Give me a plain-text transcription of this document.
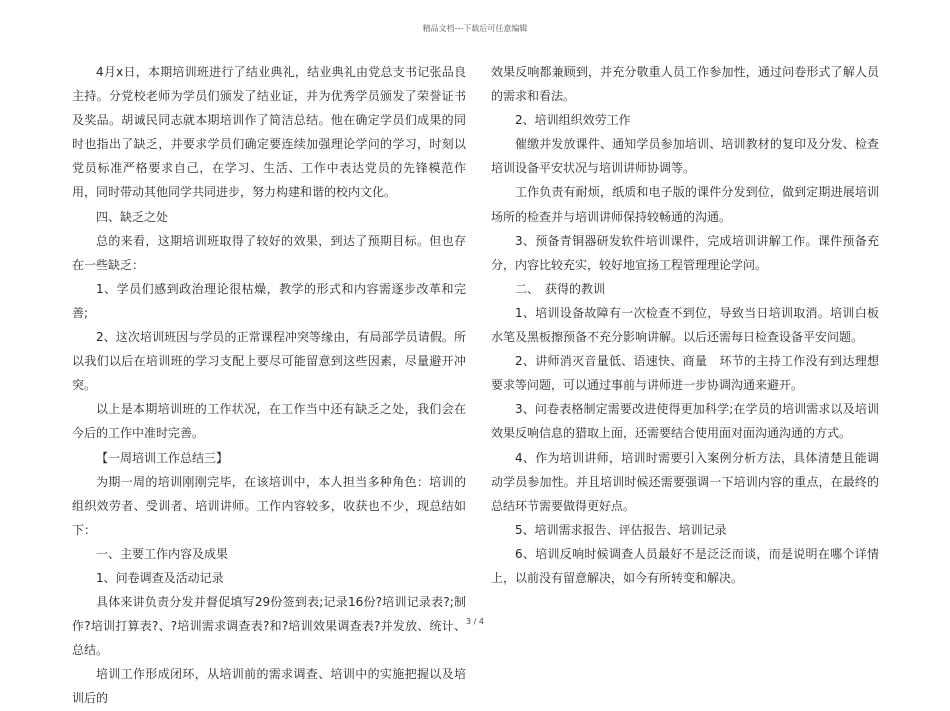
精品文档---下载后可任意编辑

4月x日，本期培训班进行了结业典礼，结业典礼由党总支书记张品良主持。分党校老师为学员们颁发了结业证，并为优秀学员颁发了荣誉证书及奖品。胡诚民同志就本期培训作了简洁总结。他在确定学员们成果的同时也指出了缺乏，并要求学员们确定要连续加强理论学问的学习，时刻以党员标准严格要求自己，在学习、生活、工作中表达党员的先锋模范作用，同时带动其他同学共同进步，努力构建和谐的校内文化。

四、缺乏之处

总的来看，这期培训班取得了较好的效果，到达了预期目标。但也存在一些缺乏：

1、学员们感到政治理论很枯燥，教学的形式和内容需逐步改革和完善;

2、这次培训班因与学员的正常课程冲突等缘由，有局部学员请假。所以我们以后在培训班的学习支配上要尽可能留意到这些因素，尽量避开冲突。

以上是本期培训班的工作状况，在工作当中还有缺乏之处，我们会在今后的工作中准时完善。

【一周培训工作总结三】

为期一周的培训刚刚完毕，在该培训中，本人担当多种角色：培训的组织效劳者、受训者、培训讲师。工作内容较多，收获也不少，现总结如下：

一、主要工作内容及成果

1、问卷调查及活动记录

具体来讲负责分发并督促填写29份签到表;记录16份?培训记录表?;制作?培训打算表?、?培训需求调查表?和?培训效果调查表?并发放、统计、总结。

培训工作形成闭环，从培训前的需求调查、培训中的实施把握以及培训后的

效果反响都兼顾到，并充分敬重人员工作参加性，通过问卷形式了解人员的需求和看法。

2、培训组织效劳工作

催缴并发放课件、通知学员参加培训、培训教材的复印及分发、检查培训设备平安状况与培训讲师协调等。

工作负责有耐烦，纸质和电子版的课件分发到位，做到定期进展培训场所的检查并与培训讲师保持较畅通的沟通。

3、预备青铜器研发软件培训课件，完成培训讲解工作。课件预备充分，内容比较充实，较好地宣扬工程管理理论学问。

二、　获得的教训

1、培训设备故障有一次检查不到位，导致当日培训取消。培训白板水笔及黑板擦预备不充分影响讲解。以后还需每日检查设备平安问题。

2、讲师消灭音量低、语速快、商量　环节的主持工作没有到达理想要求等问题，可以通过事前与讲师进一步协调沟通来避开。

3、问卷表格制定需要改进使得更加科学;在学员的培训需求以及培训效果反响信息的猎取上面，还需要结合使用面对面沟通沟通的方式。

4、作为培训讲师，培训时需要引入案例分析方法，具体清楚且能调动学员参加性。并且培训时候还需要强调一下培训内容的重点，在最终的总结环节需要做得更好点。

5、培训需求报告、评估报告、培训记录

6、培训反响时候调查人员最好不是泛泛而谈，而是说明在哪个详情上，以前没有留意解决，如今有所转变和解决。

3 / 4
